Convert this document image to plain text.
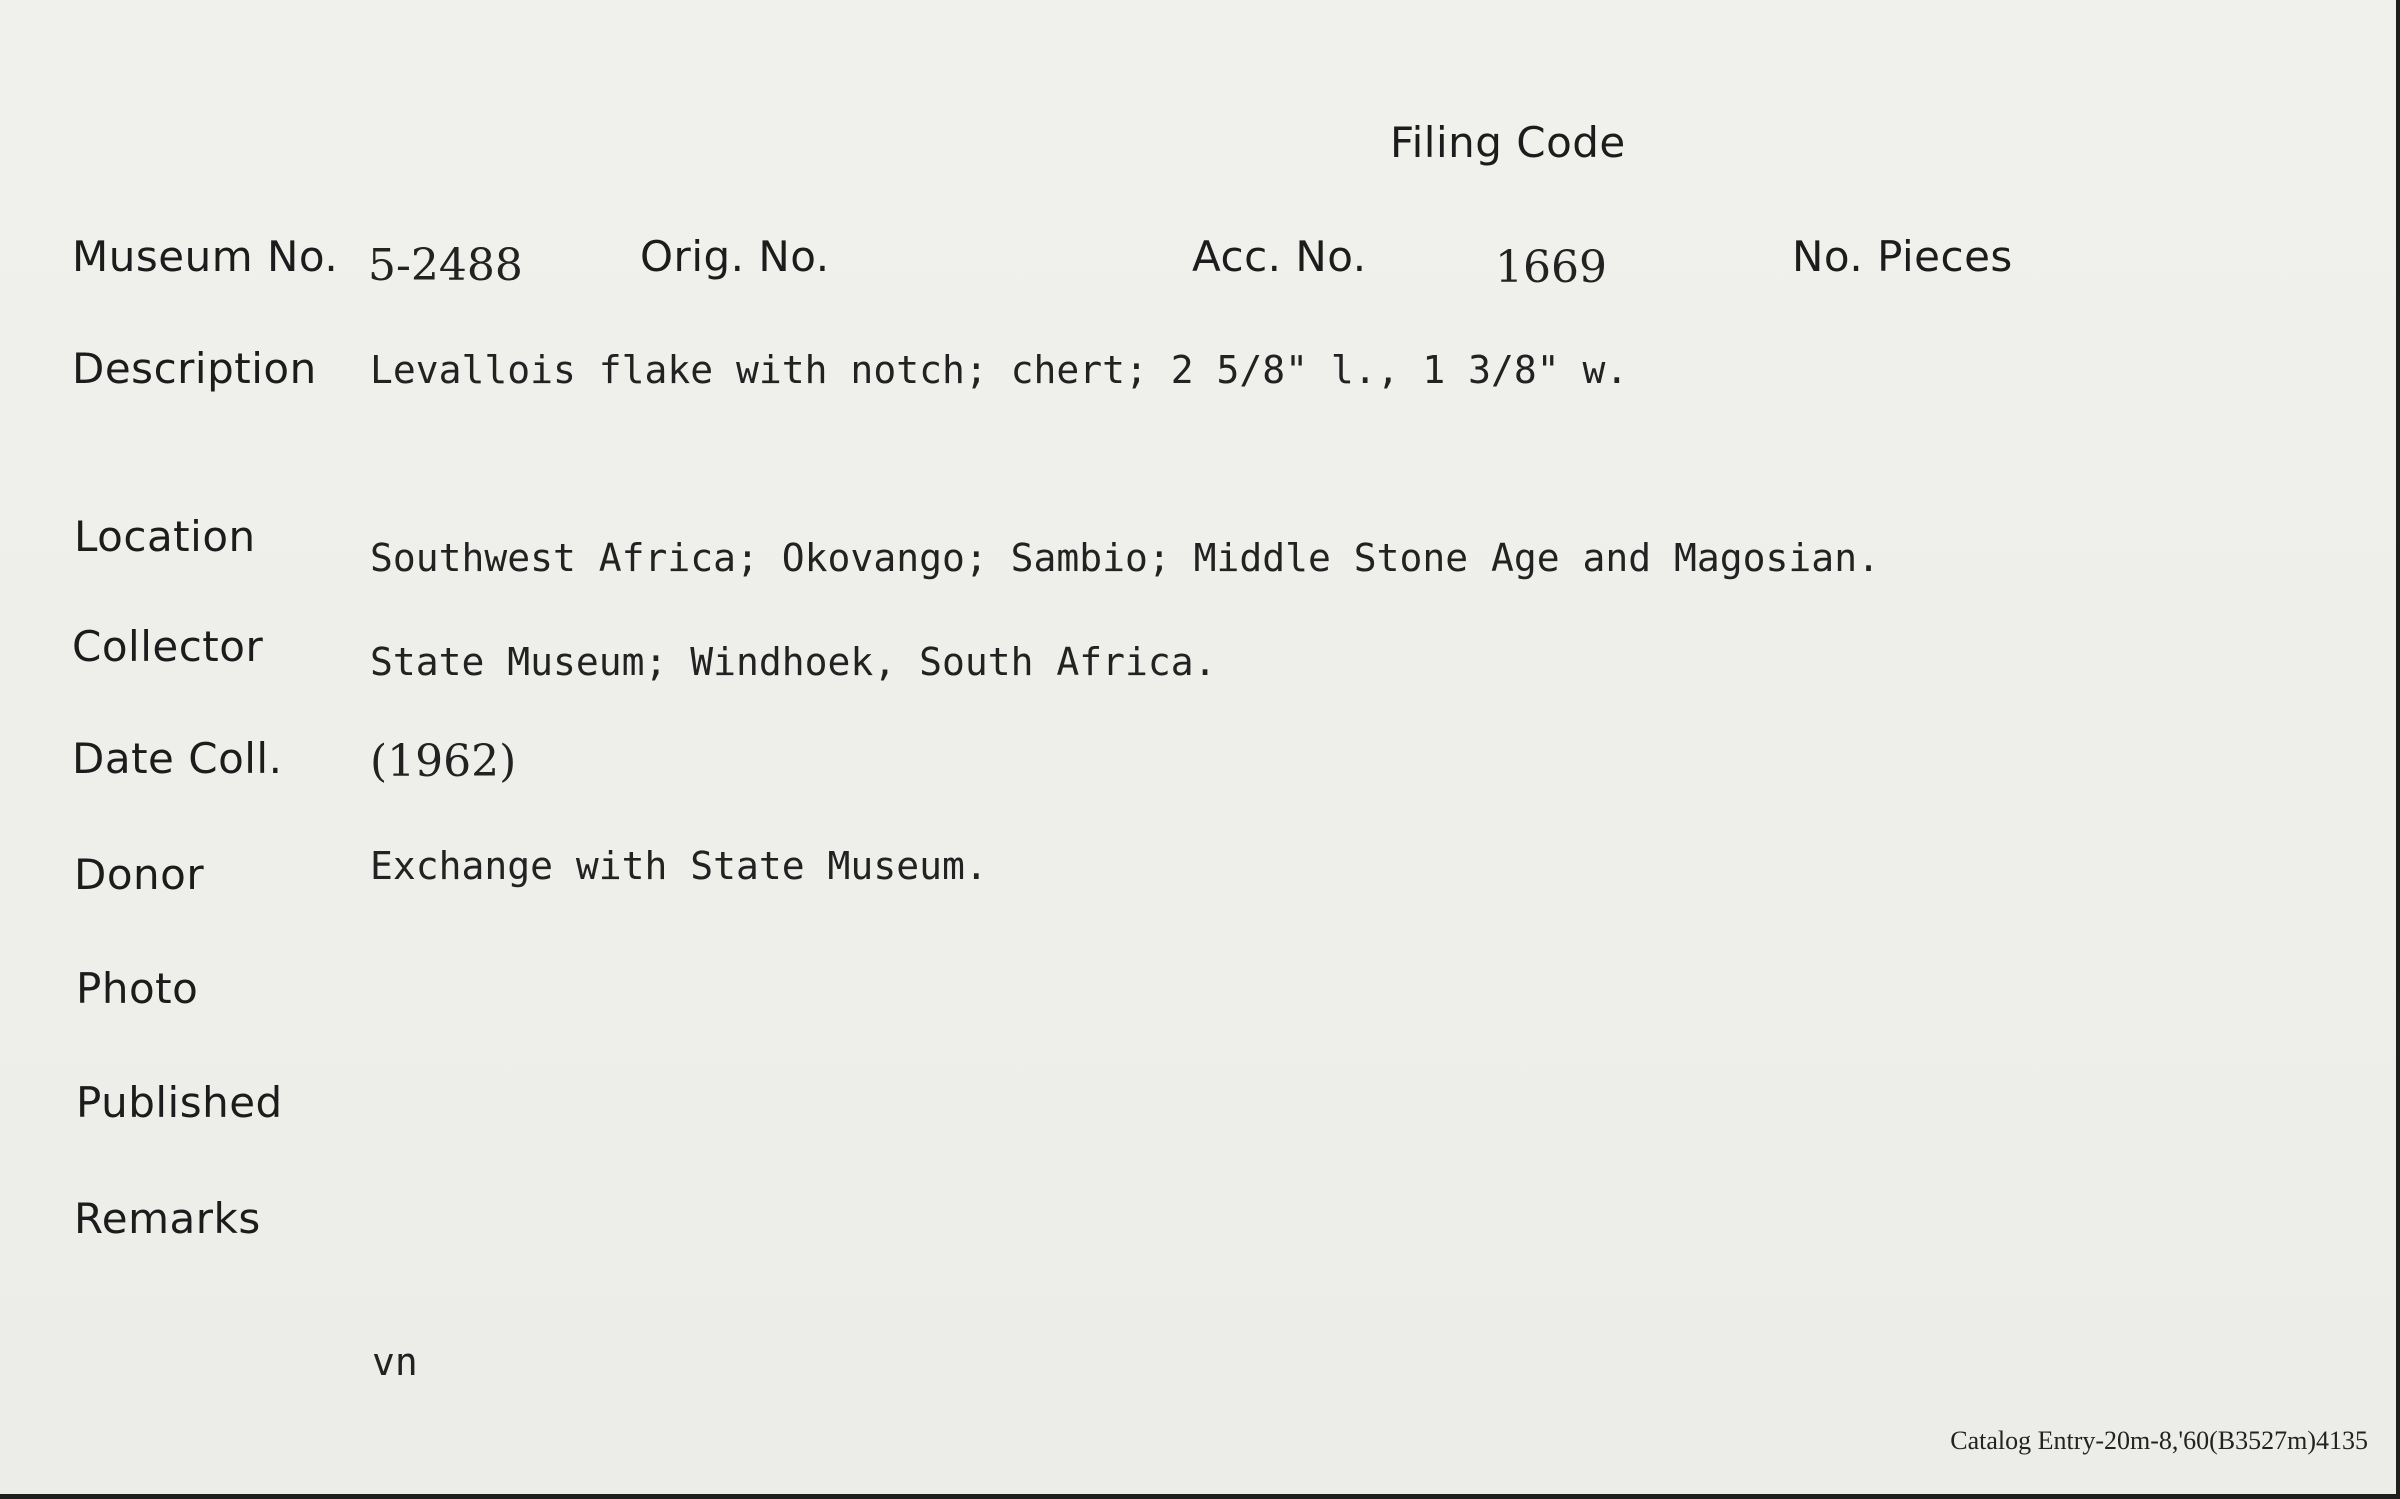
Filing Code
Museum No. 5-2488	Orig. No.	Acc. No.	1669	No. Pieces
Description Levallois flake with notch; chert; 2 5/8" l., 1 3/8" w.
Location	Southwest Africa; Okovango; Sambio; Middle Stone Age and Magosian.
Collector	State Museum; Windhoek, South Africa.
Date Coll. (1962)
Donor	Exchange with State Museum.
Photo
Published
Remarks
vn
Catalog Entry-20m-8,'60(B3527m)4135
